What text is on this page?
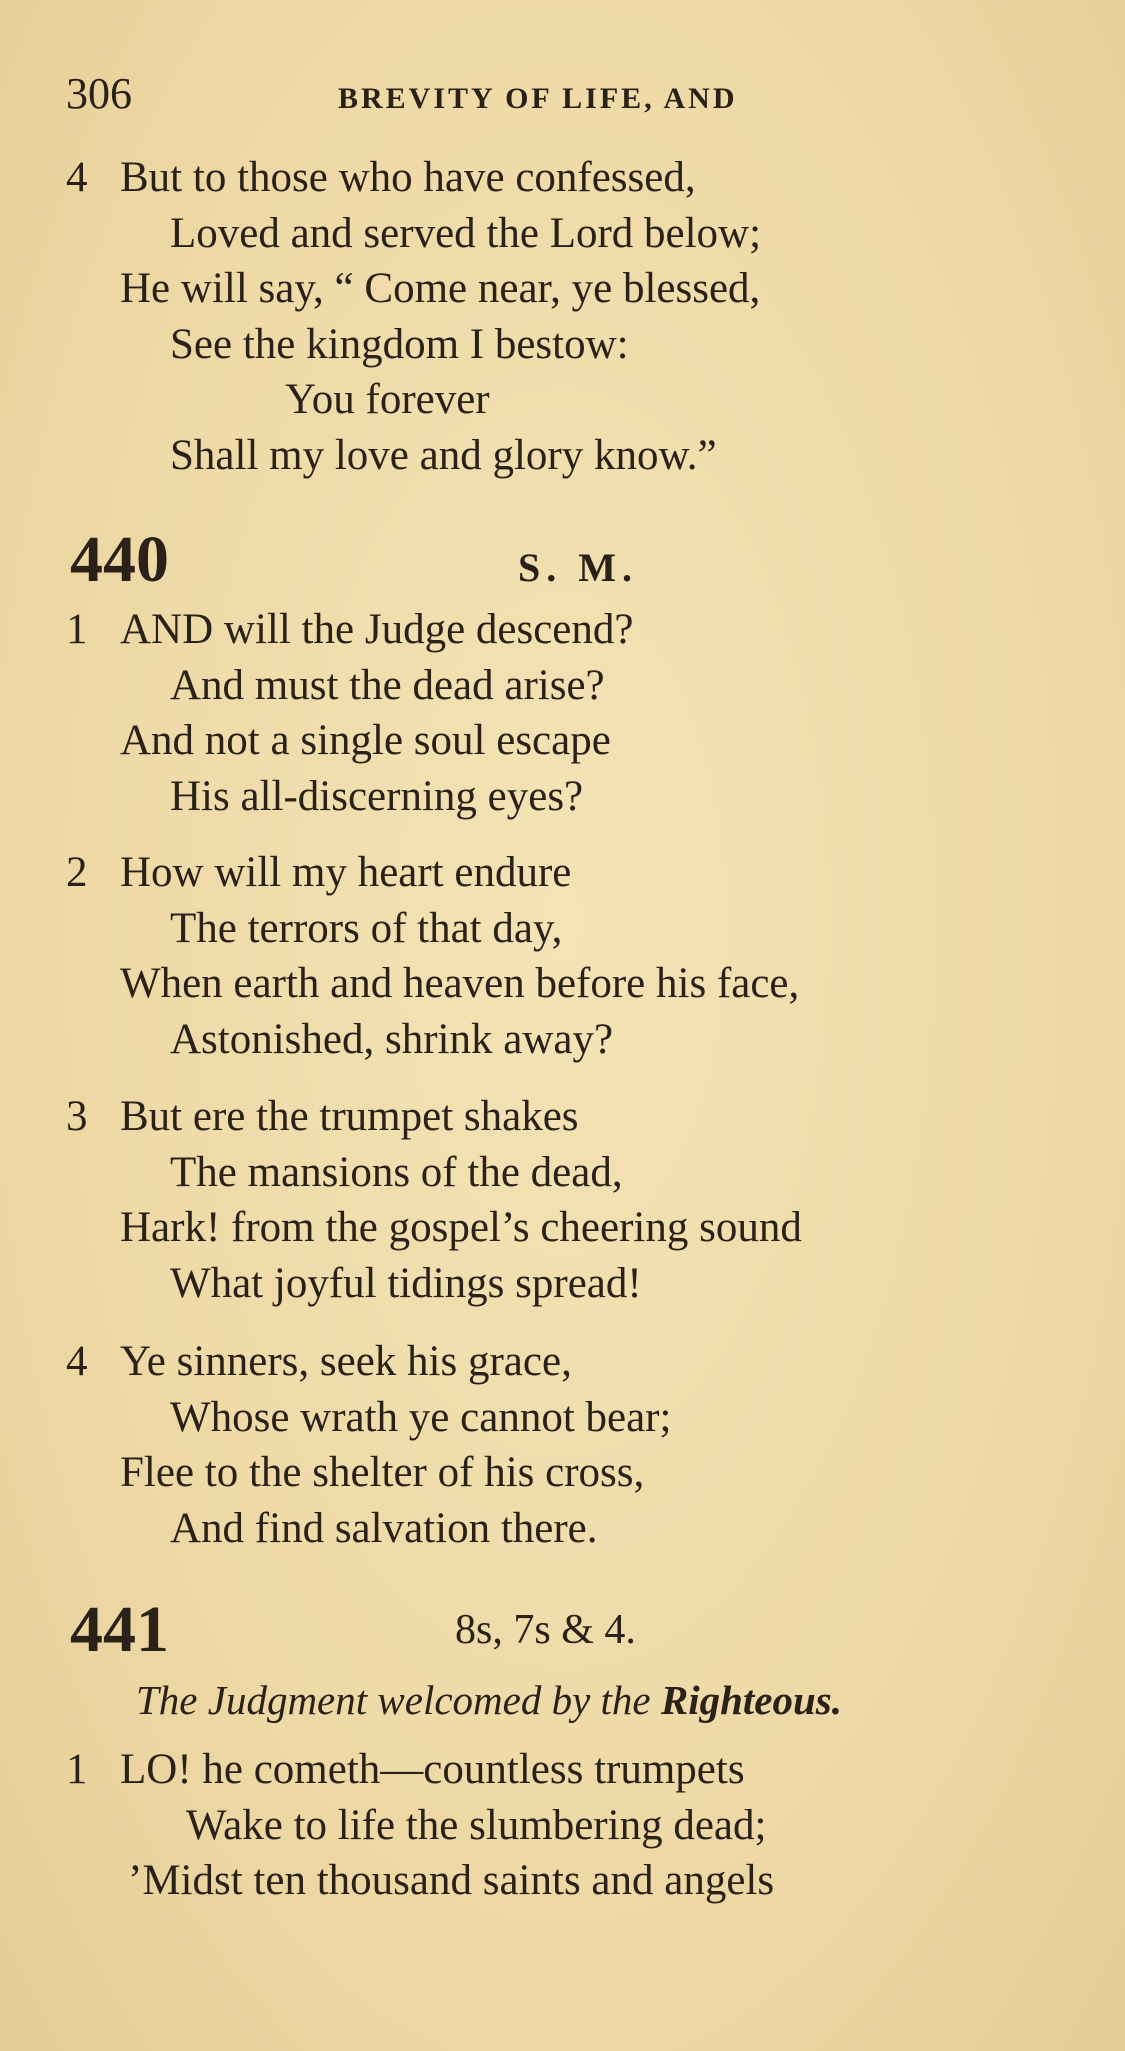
306	BREVITY OF LIFE, AND
4 But to those who have confessed,
Loved and served the Lord below;
He will say, “ Come near, ye blessed,
See the kingdom I bestow:
You forever
Shall my love and glory know.”
440	S. M.
1 AND will the Judge descend?
And must the dead arise?
And not a single soul escape
His all-discerning eyes?
2 How will my heart endure
The terrors of that day,
When earth and heaven before his face,
Astonished, shrink away?
3 But ere the trumpet shakes
The mansions of the dead,
Hark! from the gospel’s cheering sound
What joyful tidings spread!
4 Ye sinners, seek his grace,
Whose wrath ye cannot bear;
Flee to the shelter of his cross,
And find salvation there.
441	8s, 7s & 4.
The Judgment welcomed by the Righteous.
1 LO! he cometh—countless trumpets
Wake to life the slumbering dead;
’Midst ten thousand saints and angels
